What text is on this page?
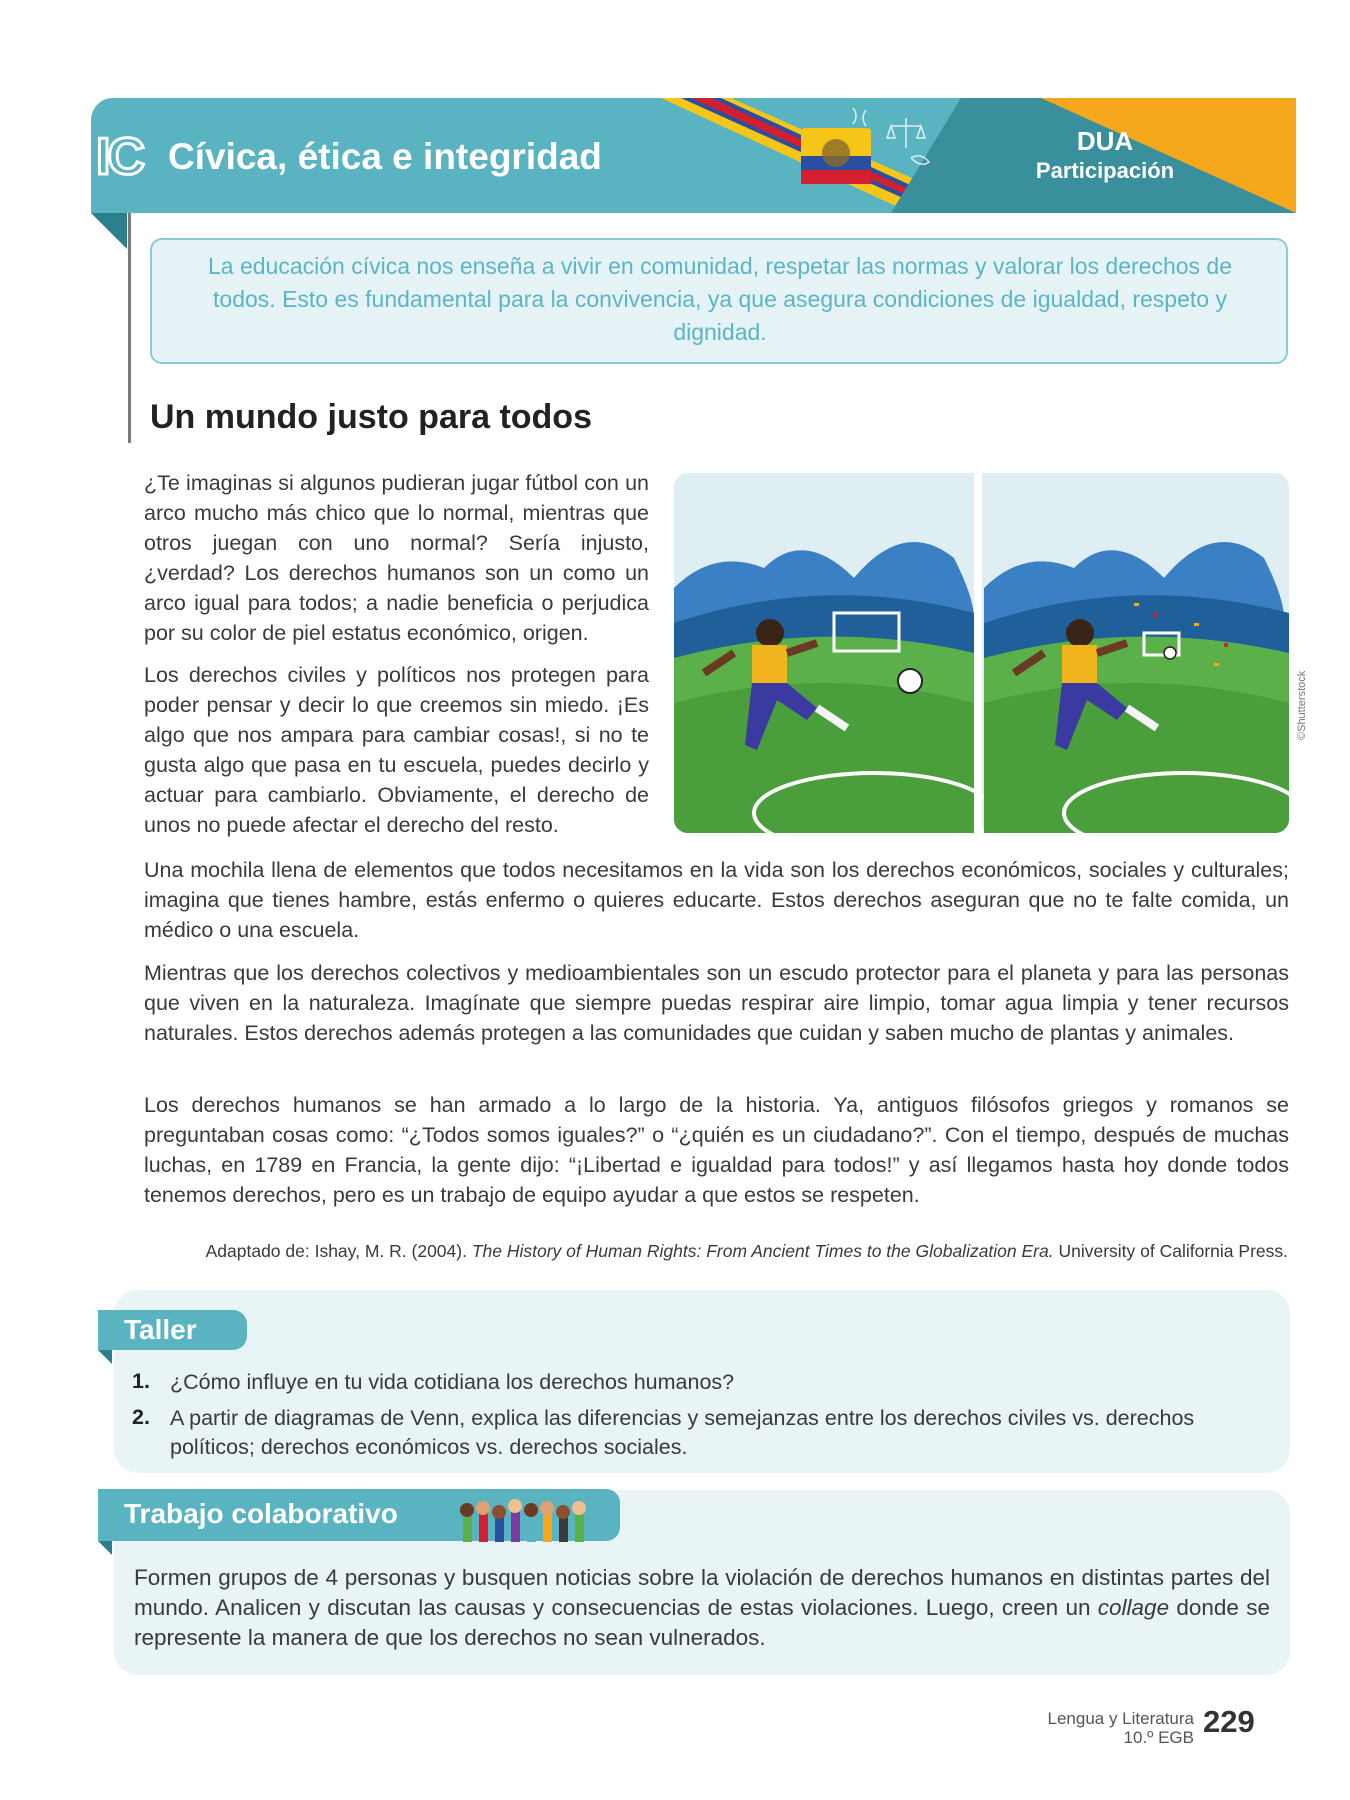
IC Cívica, ética e integridad	DUA
Participación
La educación cívica nos enseña a vivir en comunidad, respetar las normas y valorar los derechos de todos. Esto es fundamental para la convivencia, ya que asegura condiciones de igualdad, respeto y dignidad.
Un mundo justo para todos
¿Te imaginas si algunos pudieran jugar fútbol con un arco mucho más chico que lo normal, mientras que otros juegan con uno normal? Sería injusto, ¿verdad? Los derechos humanos son un como un arco igual para todos; a nadie beneficia o perjudica por su color de piel estatus económico, origen.
Los derechos civiles y políticos nos protegen para poder pensar y decir lo que creemos sin miedo. ¡Es algo que nos ampara para cambiar cosas!, si no te gusta algo que pasa en tu escuela, puedes decirlo y actuar para cambiarlo. Obviamente, el derecho de unos no puede afectar el derecho del resto.
©Shutterstock
Una mochila llena de elementos que todos necesitamos en la vida son los derechos económicos, sociales y culturales; imagina que tienes hambre, estás enfermo o quieres educarte. Estos derechos aseguran que no te falte comida, un médico o una escuela.
Mientras que los derechos colectivos y medioambientales son un escudo protector para el planeta y para las personas que viven en la naturaleza. Imagínate que siempre puedas respirar aire limpio, tomar agua limpia y tener recursos naturales. Estos derechos además protegen a las comunidades que cuidan y saben mucho de plantas y animales.
Los derechos humanos se han armado a lo largo de la historia. Ya, antiguos filósofos griegos y romanos se preguntaban cosas como: “¿Todos somos iguales?” o “¿quién es un ciudadano?”. Con el tiempo, después de muchas luchas, en 1789 en Francia, la gente dijo: “¡Libertad e igualdad para todos!” y así llegamos hasta hoy donde todos tenemos derechos, pero es un trabajo de equipo ayudar a que estos se respeten.
Adaptado de: Ishay, M. R. (2004). The History of Human Rights: From Ancient Times to the Globalization Era. University of California Press.
Taller
1. ¿Cómo influye en tu vida cotidiana los derechos humanos?
2. A partir de diagramas de Venn, explica las diferencias y semejanzas entre los derechos civiles vs. derechos políticos; derechos económicos vs. derechos sociales.
Trabajo colaborativo
Formen grupos de 4 personas y busquen noticias sobre la violación de derechos humanos en distintas partes del mundo. Analicen y discutan las causas y consecuencias de estas violaciones. Luego, creen un collage donde se represente la manera de que los derechos no sean vulnerados.
Lengua y Literatura
10.º EGB 229
